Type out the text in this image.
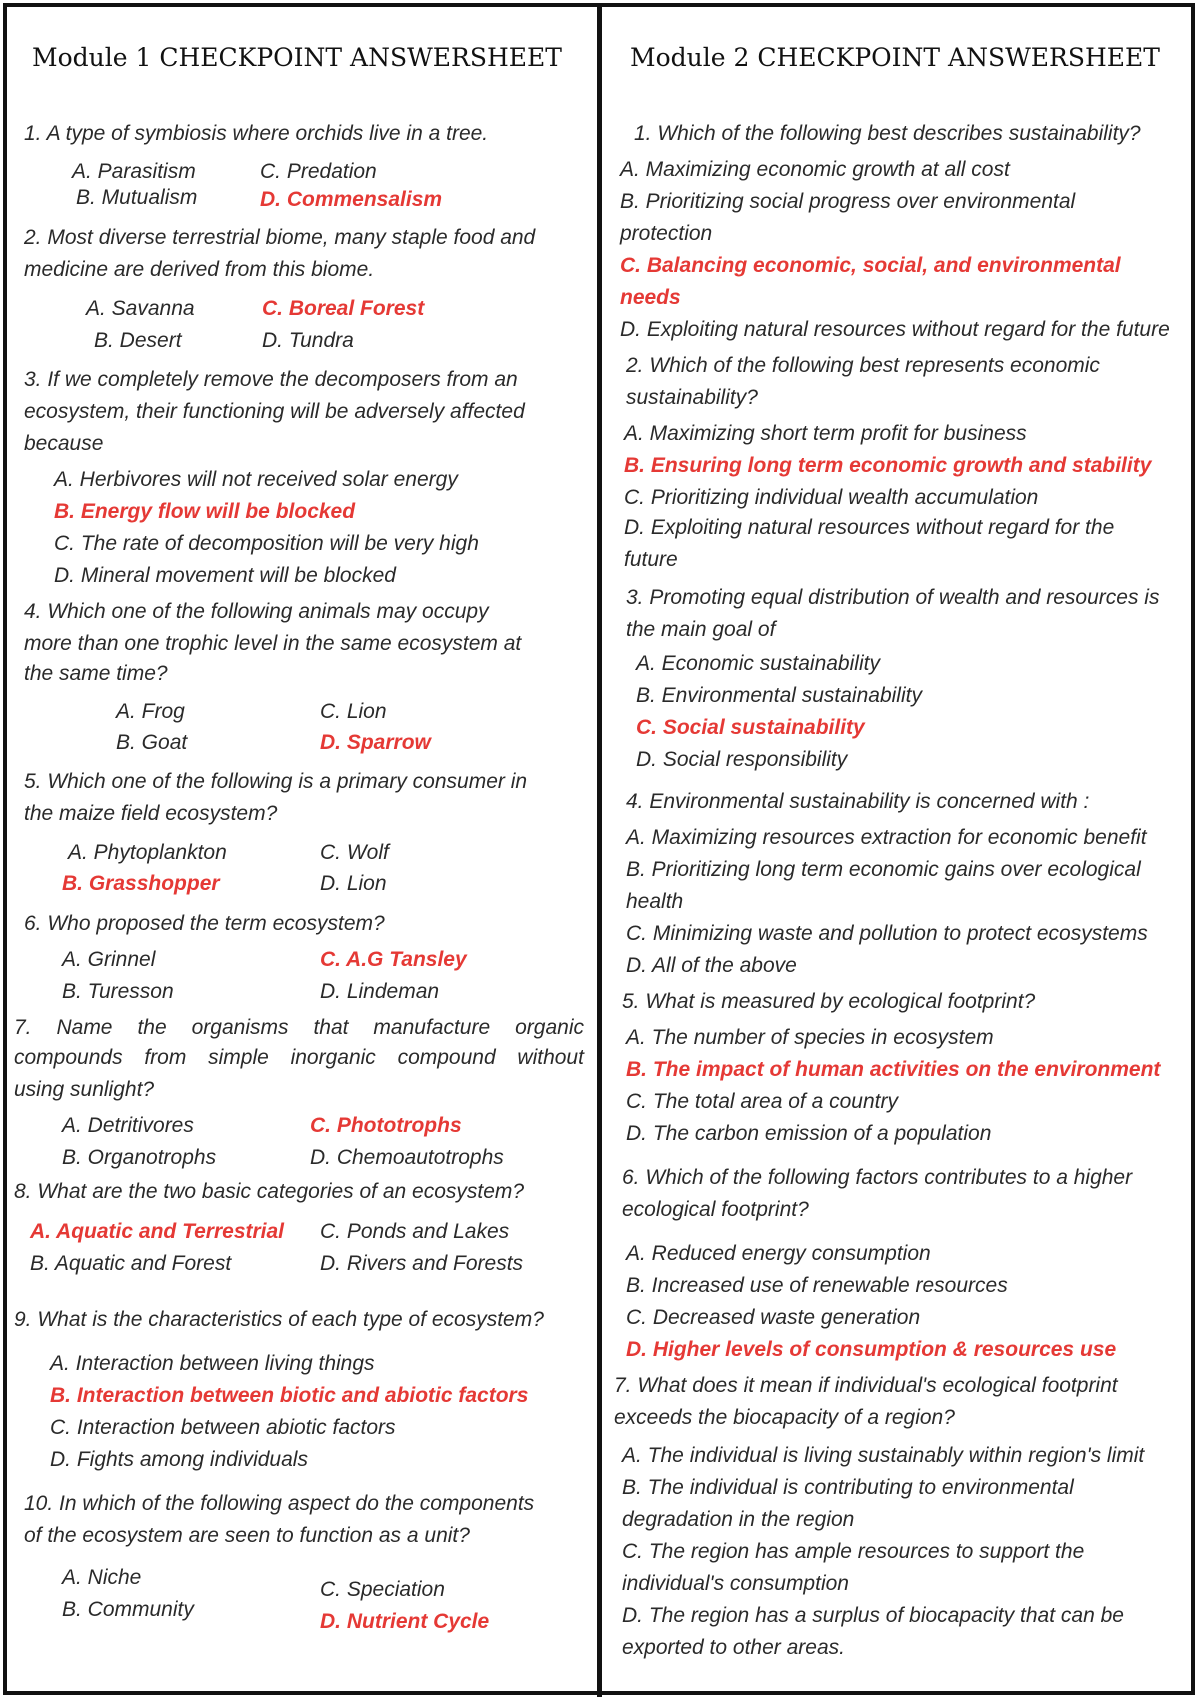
Module 1 CHECKPOINT ANSWERSHEET
1. A type of symbiosis where orchids live in a tree.
A. Parasitism	C. Predation
B. Mutualism	D. Commensalism
2. Most diverse terrestrial biome, many staple food and
medicine are derived from this biome.
A. Savanna	C. Boreal Forest
B. Desert	D. Tundra
3. If we completely remove the decomposers from an
ecosystem, their functioning will be adversely affected
because
A. Herbivores will not received solar energy
B. Energy flow will be blocked
C. The rate of decomposition will be very high
D. Mineral movement will be blocked
4. Which one of the following animals may occupy
more than one trophic level in the same ecosystem at
the same time?
A. Frog	C. Lion
B. Goat	D. Sparrow
5. Which one of the following is a primary consumer in
the maize field ecosystem?
A. Phytoplankton	C. Wolf
B. Grasshopper	D. Lion
6. Who proposed the term ecosystem?
A. Grinnel	C. A.G Tansley
B. Turesson	D. Lindeman
7. Name the organisms that manufacture organic
compounds from simple inorganic compound without
using sunlight?
A. Detritivores	C. Phototrophs
B. Organotrophs	D. Chemoautotrophs
8. What are the two basic categories of an ecosystem?
A. Aquatic and Terrestrial C. Ponds and Lakes
B. Aquatic and Forest	D. Rivers and Forests
9. What is the characteristics of each type of ecosystem?
A. Interaction between living things
B. Interaction between biotic and abiotic factors
C. Interaction between abiotic factors
D. Fights among individuals
10. In which of the following aspect do the components
of the ecosystem are seen to function as a unit?
A. Niche
B. Community
C. Speciation
D. Nutrient Cycle
Module 2 CHECKPOINT ANSWERSHEET
1. Which of the following best describes sustainability?
A. Maximizing economic growth at all cost
B. Prioritizing social progress over environmental
protection
C. Balancing economic, social, and environmental
needs
D. Exploiting natural resources without regard for the future
2. Which of the following best represents economic
sustainability?
A. Maximizing short term profit for business
B. Ensuring long term economic growth and stability
C. Prioritizing individual wealth accumulation
D. Exploiting natural resources without regard for the
future
3. Promoting equal distribution of wealth and resources is
the main goal of
A. Economic sustainability
B. Environmental sustainability
C. Social sustainability
D. Social responsibility
4. Environmental sustainability is concerned with :
A. Maximizing resources extraction for economic benefit
B. Prioritizing long term economic gains over ecological
health
C. Minimizing waste and pollution to protect ecosystems
D. All of the above
5. What is measured by ecological footprint?
A. The number of species in ecosystem
B. The impact of human activities on the environment
C. The total area of a country
D. The carbon emission of a population
6. Which of the following factors contributes to a higher
ecological footprint?
A. Reduced energy consumption
B. Increased use of renewable resources
C. Decreased waste generation
D. Higher levels of consumption & resources use
7. What does it mean if individual's ecological footprint
exceeds the biocapacity of a region?
A. The individual is living sustainably within region's limit
B. The individual is contributing to environmental
degradation in the region
C. The region has ample resources to support the
individual's consumption
D. The region has a surplus of biocapacity that can be
exported to other areas.
